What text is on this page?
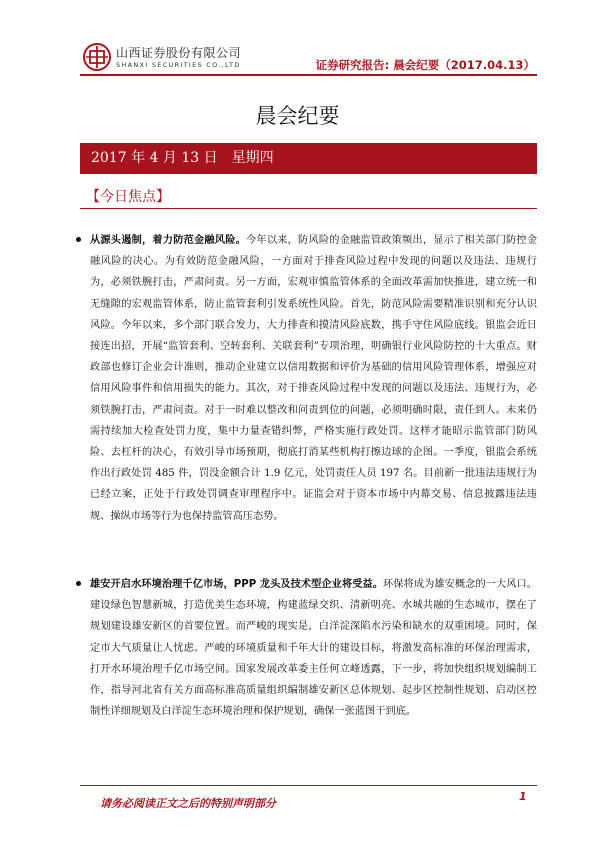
山西证券股份有限公司
SHANXI SECURITIES CO.,LTD	证券研究报告: 晨会纪要（2017.04.13）
晨会纪要
2017 年 4 月 13 日　星期四
【今日焦点】

从源头遏制，着力防范金融风险。今年以来，防风险的金融监管政策频出，显示了相关部门防控金融风险的决心。为有效防范金融风险，一方面对于排查风险过程中发现的问题以及违法、违规行为，必须铁腕打击，严肃问责。另一方面，宏观审慎监管体系的全面改革需加快推进，建立统一和无缝隙的宏观监管体系，防止监管套利引发系统性风险。首先，防范风险需要精准识别和充分认识风险。今年以来，多个部门联合发力，大力排查和摸清风险底数，携手守住风险底线。银监会近日接连出招，开展“监管套利、空转套利、关联套利”专项治理，明确银行业风险防控的十大重点。财政部也修订企业会计准则，推动企业建立以信用数据和评价为基础的信用风险管理体系，增强应对信用风险事件和信用损失的能力。其次，对于排查风险过程中发现的问题以及违法、违规行为，必须铁腕打击，严肃问责。对于一时难以整改和问责到位的问题，必须明确时限，责任到人。未来仍需持续加大检查处罚力度，集中力量查错纠弊，严格实施行政处罚。这样才能昭示监管部门防风险、去杠杆的决心，有效引导市场预期，彻底打消某些机构打擦边球的企图。一季度，银监会系统作出行政处罚 485 件，罚没金额合计 1.9 亿元，处罚责任人员 197 名。目前新一批违法违规行为已经立案，正处于行政处罚调查审理程序中。证监会对于资本市场中内幕交易、信息披露违法违规、操纵市场等行为也保持监管高压态势。

雄安开启水环境治理千亿市场，PPP 龙头及技术型企业将受益。环保将成为雄安概念的一大风口。建设绿色智慧新城，打造优美生态环境，构建蓝绿交织、清新明亮、水城共融的生态城市，摆在了规划建设雄安新区的首要位置。而严峻的现实是，白洋淀深陷水污染和缺水的双重困境。同时，保定市大气质量让人忧虑。严峻的环境质量和千年大计的建设目标，将激发高标准的环保治理需求，打开水环境治理千亿市场空间。国家发展改革委主任何立峰透露，下一步，将加快组织规划编制工作，指导河北省有关方面高标准高质量组织编制雄安新区总体规划、起步区控制性规划、启动区控制性详细规划及白洋淀生态环境治理和保护规划，确保一张蓝图干到底。

请务必阅读正文之后的特别声明部分
1
